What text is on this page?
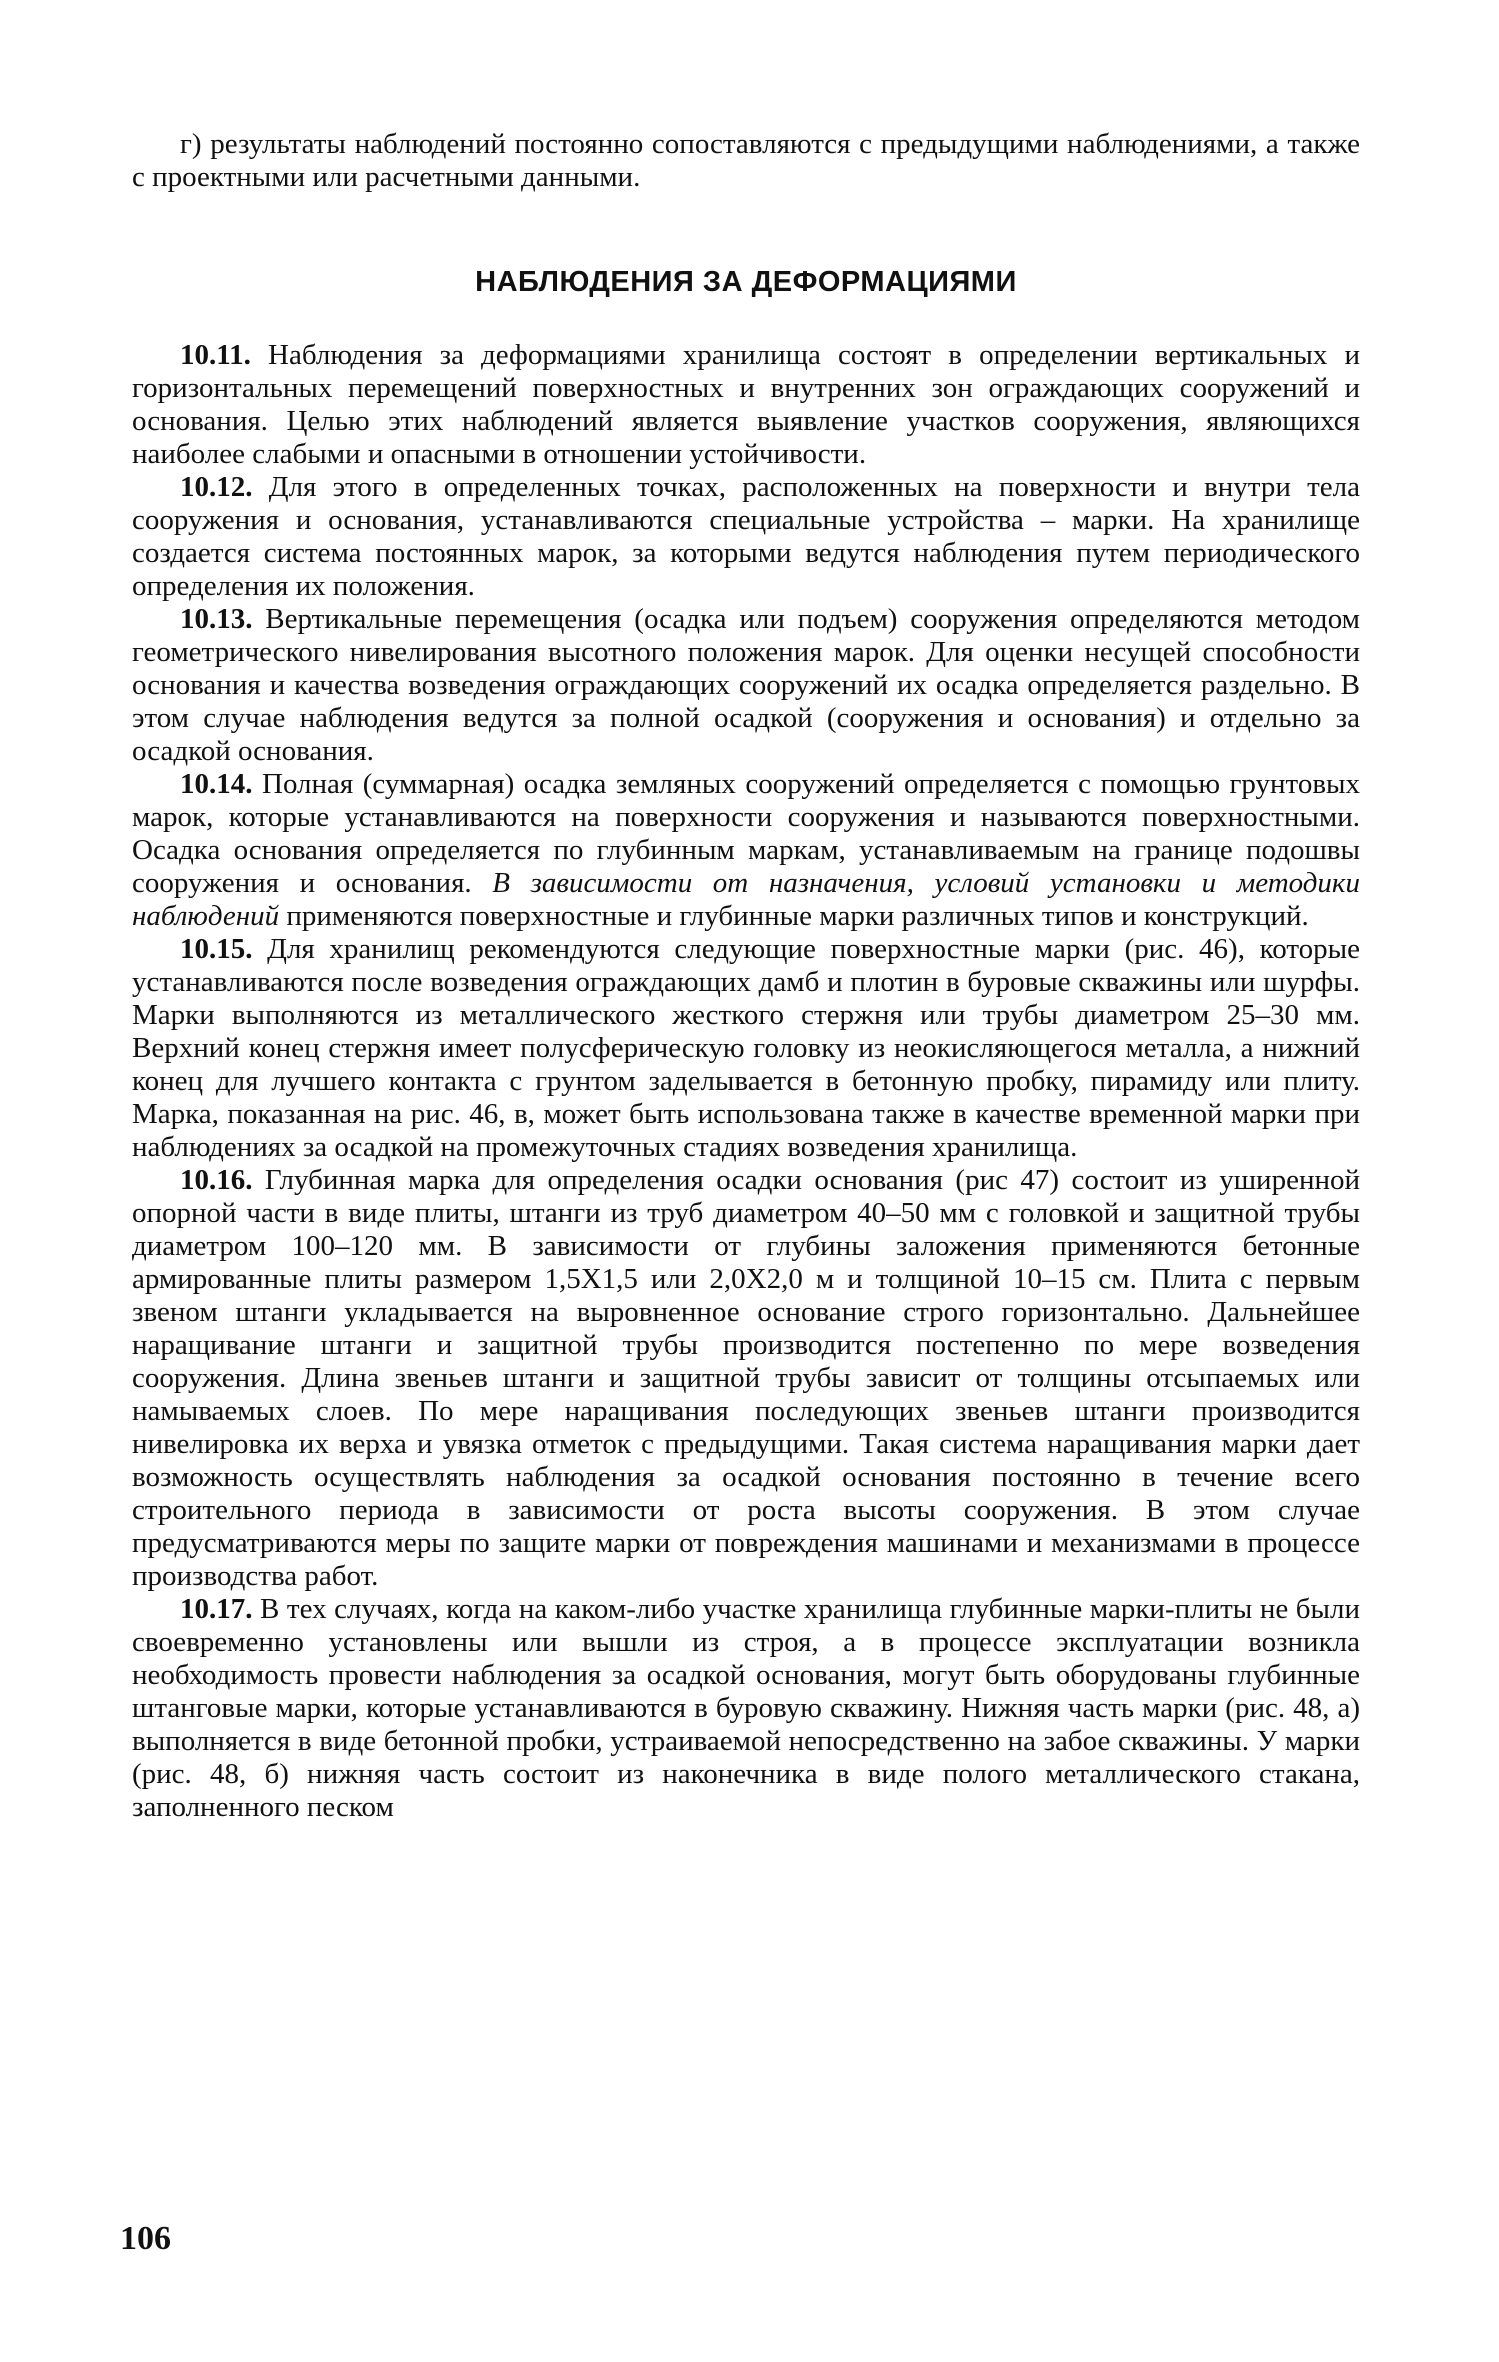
г) результаты наблюдений постоянно сопоставляются с предыдущими наблюдениями, а также с проектными или расчетными данными.

НАБЛЮДЕНИЯ ЗА ДЕФОРМАЦИЯМИ

10.11. Наблюдения за деформациями хранилища состоят в определении вертикальных и горизонтальных перемещений поверхностных и внутренних зон ограждающих сооружений и основания. Целью этих наблюдений является выявление участков сооружения, являющихся наиболее слабыми и опасными в отношении устойчивости.

10.12. Для этого в определенных точках, расположенных на поверхности и внутри тела сооружения и основания, устанавливаются специальные устройства – марки. На хранилище создается система постоянных марок, за которыми ведутся наблюдения путем периодического определения их положения.

10.13. Вертикальные перемещения (осадка или подъем) сооружения определяются методом геометрического нивелирования высотного положения марок. Для оценки несущей способности основания и качества возведения ограждающих сооружений их осадка определяется раздельно. В этом случае наблюдения ведутся за полной осадкой (сооружения и основания) и отдельно за осадкой основания.

10.14. Полная (суммарная) осадка земляных сооружений определяется с помощью грунтовых марок, которые устанавливаются на поверхности сооружения и называются поверхностными. Осадка основания определяется по глубинным маркам, устанавливаемым на границе подошвы сооружения и основания. В зависимости от назначения, условий установки и методики наблюдений применяются поверхностные и глубинные марки различных типов и конструкций.

10.15. Для хранилищ рекомендуются следующие поверхностные марки (рис. 46), которые устанавливаются после возведения ограждающих дамб и плотин в буровые скважины или шурфы. Марки выполняются из металлического жесткого стержня или трубы диаметром 25–30 мм. Верхний конец стержня имеет полусферическую головку из неокисляющегося металла, а нижний конец для лучшего контакта с грунтом заделывается в бетонную пробку, пирамиду или плиту. Марка, показанная на рис. 46, в, может быть использована также в качестве временной марки при наблюдениях за осадкой на промежуточных стадиях возведения хранилища.

10.16. Глубинная марка для определения осадки основания (рис 47) состоит из уширенной опорной части в виде плиты, штанги из труб диаметром 40–50 мм с головкой и защитной трубы диаметром 100–120 мм. В зависимости от глубины заложения применяются бетонные армированные плиты размером 1,5Х1,5 или 2,0Х2,0 м и толщиной 10–15 см. Плита с первым звеном штанги укладывается на выровненное основание строго горизонтально. Дальнейшее наращивание штанги и защитной трубы производится постепенно по мере возведения сооружения. Длина звеньев штанги и защитной трубы зависит от толщины отсыпаемых или намываемых слоев. По мере наращивания последующих звеньев штанги производится нивелировка их верха и увязка отметок с предыдущими. Такая система наращивания марки дает возможность осуществлять наблюдения за осадкой основания постоянно в течение всего строительного периода в зависимости от роста высоты сооружения. В этом случае предусматриваются меры по защите марки от повреждения машинами и механизмами в процессе производства работ.

10.17. В тех случаях, когда на каком-либо участке хранилища глубинные марки-плиты не были своевременно установлены или вышли из строя, а в процессе эксплуатации возникла необходимость провести наблюдения за осадкой основания, могут быть оборудованы глубинные штанговые марки, которые устанавливаются в буровую скважину. Нижняя часть марки (рис. 48, а) выполняется в виде бетонной пробки, устраиваемой непосредственно на забое скважины. У марки (рис. 48, б) нижняя часть состоит из наконечника в виде полого металлического стакана, заполненного песком

106
